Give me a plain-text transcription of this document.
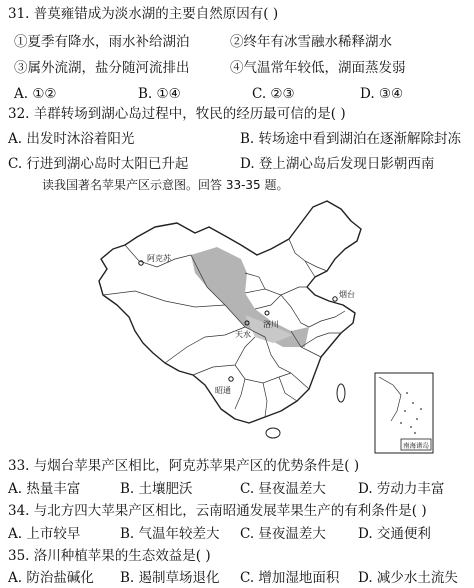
31. 普莫雍错成为淡水湖的主要自然原因有( )
①夏季有降水，雨水补给湖泊	②终年有冰雪融水稀释湖水
③属外流湖，盐分随河流排出	④气温常年较低，湖面蒸发弱
A. ①②	B. ①④	C. ②③	D. ③④
32. 羊群转场到湖心岛过程中，牧民的经历最可信的是( )
A. 出发时沐浴着阳光	B. 转场途中看到湖泊在逐渐解除封冻
C. 行进到湖心岛时太阳已升起	D. 登上湖心岛后发现日影朝西南
读我国著名苹果产区示意图。回答 33-35 题。
阿克苏
烟台
天水
洛川
昭通
南海诸岛
33. 与烟台苹果产区相比，阿克苏苹果产区的优势条件是( )
A. 热量丰富	B. 土壤肥沃	C. 昼夜温差大 D. 劳动力丰富
34. 与北方四大苹果产区相比，云南昭通发展苹果生产的有利条件是( )
A. 上市较早	B. 气温年较差大 C. 昼夜温差大 D. 交通便利
35. 洛川种植苹果的生态效益是( )
A. 防治盐碱化 B. 遏制草场退化 C. 增加湿地面积 D. 减少水土流失
